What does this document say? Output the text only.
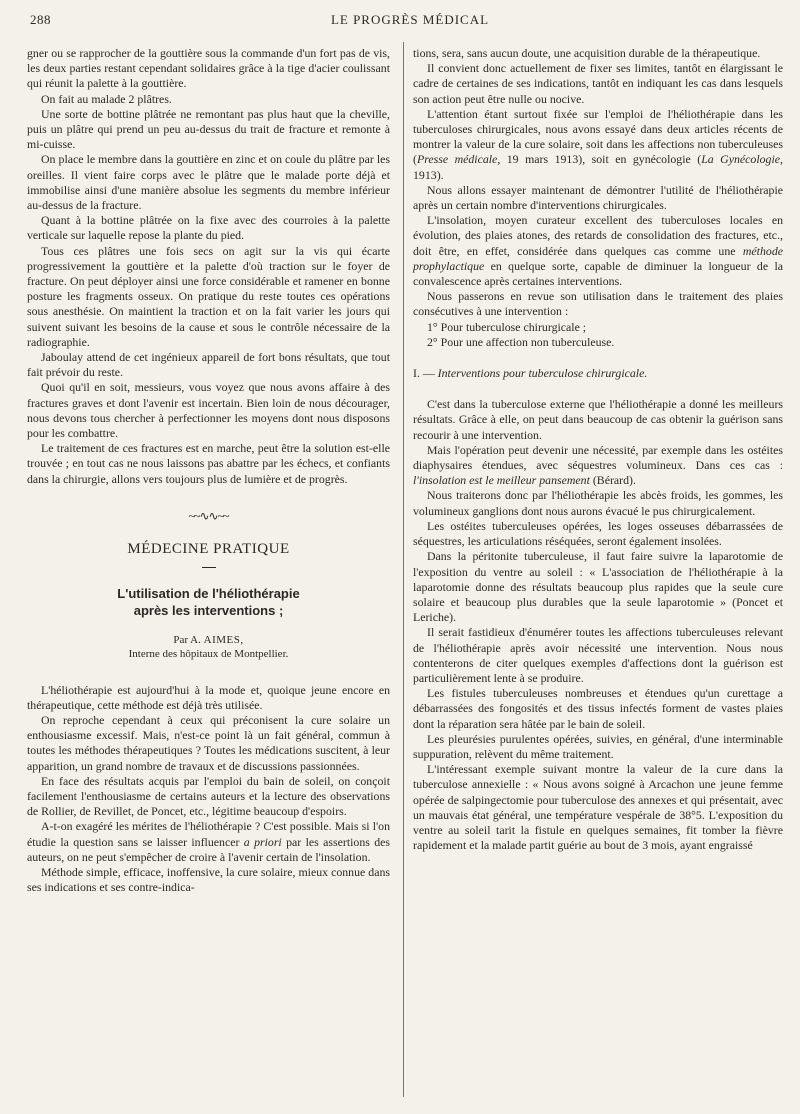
288	LE PROGRÈS MÉDICAL

gner ou se rapprocher de la gouttière sous la commande d'un fort pas de vis, les deux parties restant cependant solidaires grâce à la tige d'acier coulissant qui réunit la palette à la gouttière.

On fait au malade 2 plâtres.

Une sorte de bottine plâtrée ne remontant pas plus haut que la cheville, puis un plâtre qui prend un peu au-dessus du trait de fracture et remonte à mi-cuisse.

On place le membre dans la gouttière en zinc et on coule du plâtre par les oreilles. Il vient faire corps avec le plâtre que le malade porte déjà et immobilise ainsi d'une manière absolue les segments du membre inférieur au-dessus de la fracture.

Quant à la bottine plâtrée on la fixe avec des courroies à la palette verticale sur laquelle repose la plante du pied.

Tous ces plâtres une fois secs on agit sur la vis qui écarte progressivement la gouttière et la palette d'où traction sur le foyer de fracture. On peut déployer ainsi une force considérable et ramener en bonne posture les fragments osseux. On pratique du reste toutes ces opérations sous anesthésie. On maintient la traction et on la fait varier les jours qui suivent suivant les besoins de la cause et sous le contrôle nécessaire de la radiographie.

Jaboulay attend de cet ingénieux appareil de fort bons résultats, que tout fait prévoir du reste.

Quoi qu'il en soit, messieurs, vous voyez que nous avons affaire à des fractures graves et dont l'avenir est incertain. Bien loin de nous décourager, nous devons tous chercher à perfectionner les moyens dont nous disposons pour les combattre.

Le traitement de ces fractures est en marche, peut être la solution est-elle trouvée ; en tout cas ne nous laissons pas abattre par les échecs, et confiants dans la chirurgie, allons vers toujours plus de lumière et de progrès.

~~∿∿~~
MÉDECINE PRATIQUE
L'utilisation de l'héliothérapie
après les interventions ;
Par A. AIMES,
Interne des hôpitaux de Montpellier.

L'héliothérapie est aujourd'hui à la mode et, quoique jeune encore en thérapeutique, cette méthode est déjà très utilisée.

On reproche cependant à ceux qui préconisent la cure solaire un enthousiasme excessif. Mais, n'est-ce point là un fait général, commun à toutes les méthodes thérapeutiques ? Toutes les médications suscitent, à leur apparition, un grand nombre de travaux et de discussions passionnées.

En face des résultats acquis par l'emploi du bain de soleil, on conçoit facilement l'enthousiasme de certains auteurs et la lecture des observations de Rollier, de Revillet, de Poncet, etc., légitime beaucoup d'espoirs.

A-t-on exagéré les mérites de l'héliothérapie ? C'est possible. Mais si l'on étudie la question sans se laisser influencer a priori par les assertions des auteurs, on ne peut s'empêcher de croire à l'avenir certain de l'insolation.

Méthode simple, efficace, inoffensive, la cure solaire, mieux connue dans ses indications et ses contre-indica-

tions, sera, sans aucun doute, une acquisition durable de la thérapeutique.

Il convient donc actuellement de fixer ses limites, tantôt en élargissant le cadre de certaines de ses indications, tantôt en indiquant les cas dans lesquels son action peut être nulle ou nocive.

L'attention étant surtout fixée sur l'emploi de l'héliothérapie dans les tuberculoses chirurgicales, nous avons essayé dans deux articles récents de montrer la valeur de la cure solaire, soit dans les affections non tuberculeuses (Presse médicale, 19 mars 1913), soit en gynécologie (La Gynécologie, 1913).

Nous allons essayer maintenant de démontrer l'utilité de l'héliothérapie après un certain nombre d'interventions chirurgicales.

L'insolation, moyen curateur excellent des tuberculoses locales en évolution, des plaies atones, des retards de consolidation des fractures, etc., doit être, en effet, considérée dans quelques cas comme une méthode prophylactique en quelque sorte, capable de diminuer la longueur de la convalescence après certaines interventions.

Nous passerons en revue son utilisation dans le traitement des plaies consécutives à une intervention :

1° Pour tuberculose chirurgicale ;

2° Pour une affection non tuberculeuse.

I. — Interventions pour tuberculose chirurgicale.

C'est dans la tuberculose externe que l'héliothérapie a donné les meilleurs résultats. Grâce à elle, on peut dans beaucoup de cas obtenir la guérison sans recourir à une intervention.

Mais l'opération peut devenir une nécessité, par exemple dans les ostéites diaphysaires étendues, avec séquestres volumineux. Dans ces cas : l'insolation est le meilleur pansement (Bérard).

Nous traiterons donc par l'héliothérapie les abcès froids, les gommes, les volumineux ganglions dont nous aurons évacué le pus chirurgicalement.

Les ostéites tuberculeuses opérées, les loges osseuses débarrassées de séquestres, les articulations réséquées, seront également insolées.

Dans la péritonite tuberculeuse, il faut faire suivre la laparotomie de l'exposition du ventre au soleil : « L'association de l'héliothérapie à la laparotomie donne des résultats beaucoup plus rapides que la seule cure solaire et beaucoup plus durables que la seule laparotomie » (Poncet et Leriche).

Il serait fastidieux d'énumérer toutes les affections tuberculeuses relevant de l'héliothérapie après avoir nécessité une intervention. Nous nous contenterons de citer quelques exemples d'affections dont la guérison est particulièrement lente à se produire.

Les fistules tuberculeuses nombreuses et étendues qu'un curettage a débarrassées des fongosités et des tissus infectés forment de vastes plaies dont la réparation sera hâtée par le bain de soleil.

Les pleurésies purulentes opérées, suivies, en général, d'une interminable suppuration, relèvent du même traitement.

L'intéressant exemple suivant montre la valeur de la cure dans la tuberculose annexielle : « Nous avons soigné à Arcachon une jeune femme opérée de salpingectomie pour tuberculose des annexes et qui présentait, avec un mauvais état général, une température vespérale de 38°5. L'exposition du ventre au soleil tarit la fistule en quelques semaines, fit tomber la fièvre rapidement et la malade partit guérie au bout de 3 mois, ayant engraissé
